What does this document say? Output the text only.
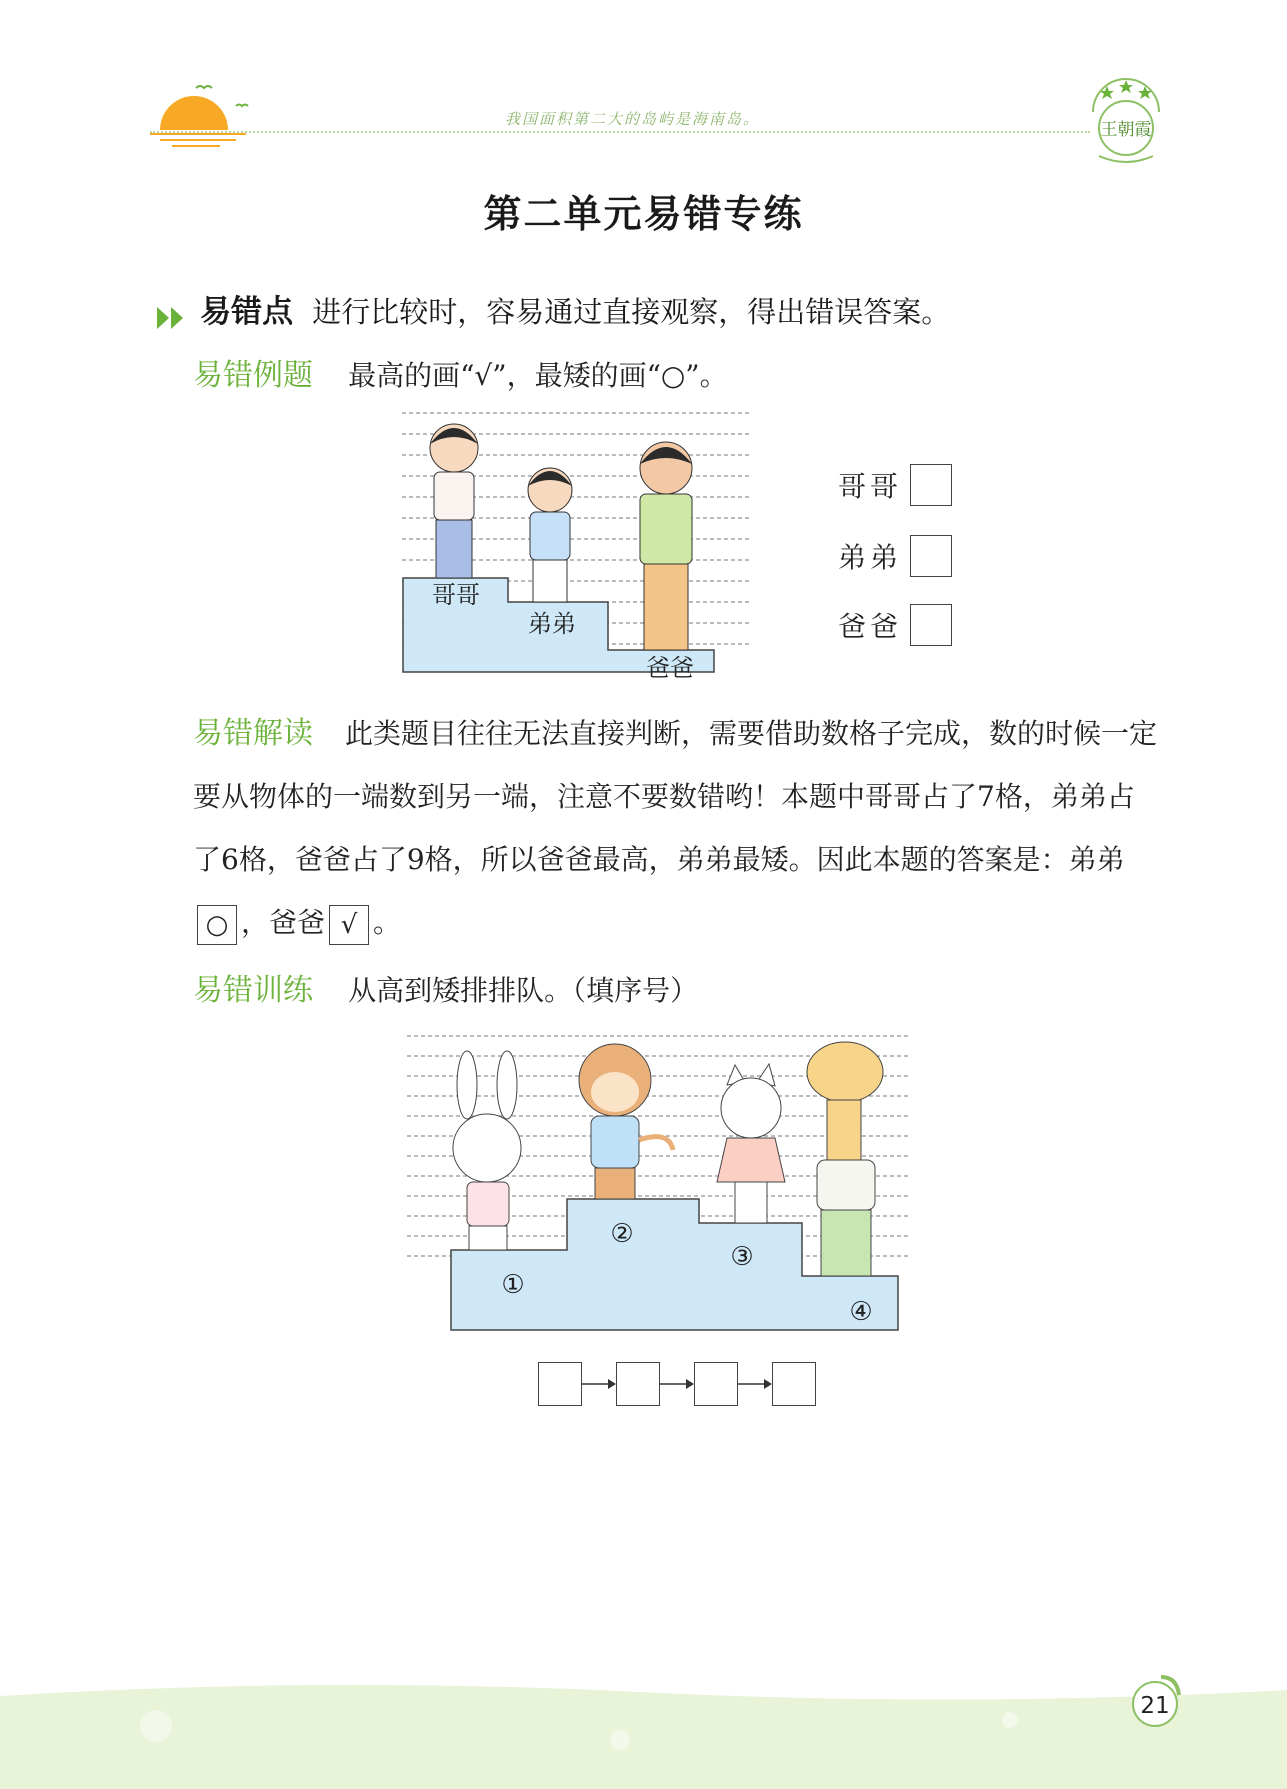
我国面积第二大的岛屿是海南岛。
王朝霞
第二单元易错专练
易错点 进行比较时，容易通过直接观察，得出错误答案。
易错例题 最高的画“√”，最矮的画“○”。
哥哥
弟弟
爸爸
哥哥
弟弟
爸爸
易错解读 此类题目往往无法直接判断，需要借助数格子完成，数的时候一定要从物体的一端数到另一端，注意不要数错哟！本题中哥哥占了7格，弟弟占了6格，爸爸占了9格，所以爸爸最高，弟弟最矮。因此本题的答案是：弟弟○ ，爸爸 √ 。
易错训练 从高到矮排排队。（填序号）
①
②
③
④
21
